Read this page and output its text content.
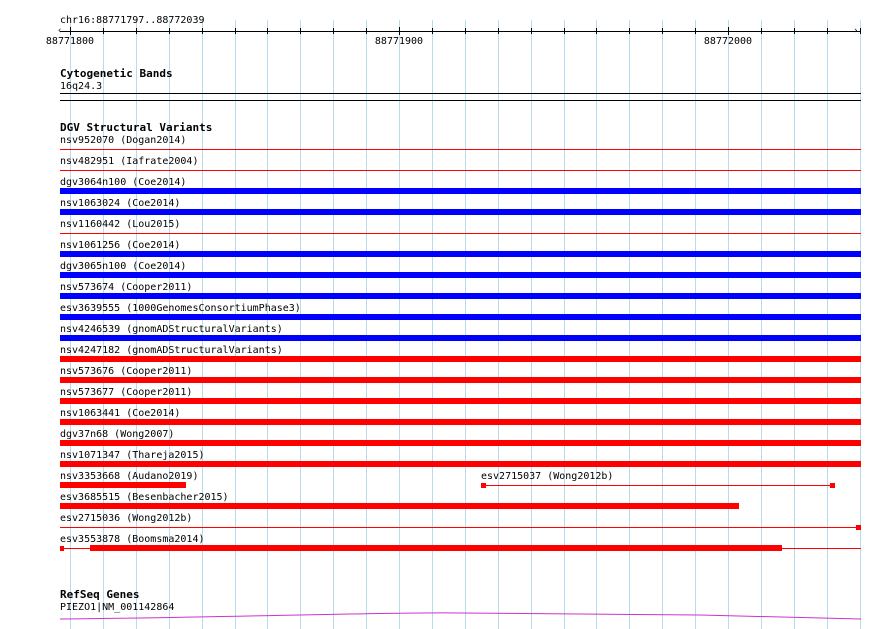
chr16:88771797..88772039
‹	›
88771800	88771900	88772000
Cytogenetic Bands
16q24.3
DGV Structural Variants
nsv952070 (Dogan2014)
nsv482951 (Iafrate2004)
dgv3064n100 (Coe2014)
nsv1063024 (Coe2014)
nsv1160442 (Lou2015)
nsv1061256 (Coe2014)
dgv3065n100 (Coe2014)
nsv573674 (Cooper2011)
esv3639555 (1000GenomesConsortiumPhase3)
nsv4246539 (gnomADStructuralVariants)
nsv4247182 (gnomADStructuralVariants)
nsv573676 (Cooper2011)
nsv573677 (Cooper2011)
nsv1063441 (Coe2014)
dgv37n68 (Wong2007)
nsv1071347 (Thareja2015)
nsv3353668 (Audano2019)	esv2715037 (Wong2012b)
esv3685515 (Besenbacher2015)
esv2715036 (Wong2012b)
esv3553878 (Boomsma2014)
RefSeq Genes
PIEZO1|NM_001142864
